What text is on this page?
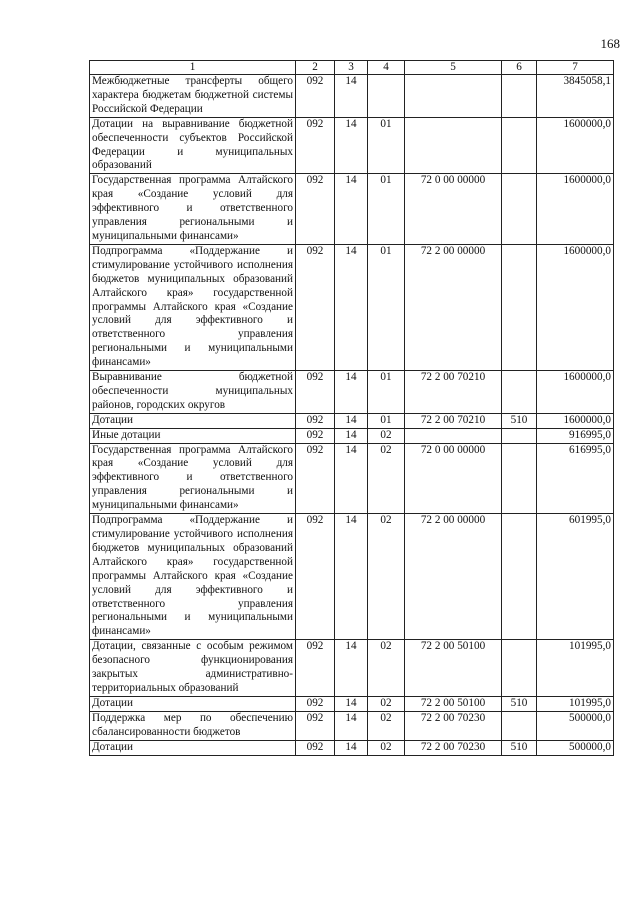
168
1	2	3	4	5	6	7
Межбюджетные трансферты общего характера бюджетам бюджетной системы Российской Федерации	092	14				3845058,1
Дотации на выравнивание бюджетной обеспеченности субъектов Российской Федерации и муниципальных образований	092	14	01			1600000,0
Государственная программа Алтайского края «Создание условий для эффективного и ответственного управления региональными и муниципальными финансами»	092	14	01	72 0 00 00000		1600000,0
Подпрограмма «Поддержание и стимулирование устойчивого исполнения бюджетов муниципальных образований Алтайского края» государственной программы Алтайского края «Создание условий для эффективного и ответственного управления региональными и муниципальными финансами»	092	14	01	72 2 00 00000		1600000,0
Выравнивание бюджетной обеспеченности муниципальных районов, городских округов	092	14	01	72 2 00 70210		1600000,0
Дотации	092	14	01	72 2 00 70210	510	1600000,0
Иные дотации	092	14	02			916995,0
Государственная программа Алтайского края «Создание условий для эффективного и ответственного управления региональными и муниципальными финансами»	092	14	02	72 0 00 00000		616995,0
Подпрограмма «Поддержание и стимулирование устойчивого исполнения бюджетов муниципальных образований Алтайского края» государственной программы Алтайского края «Создание условий для эффективного и ответственного управления региональными и муниципальными финансами»	092	14	02	72 2 00 00000		601995,0
Дотации, связанные с особым режимом безопасного функционирования закрытых административно-территориальных образований	092	14	02	72 2 00 50100		101995,0
Дотации	092	14	02	72 2 00 50100	510	101995,0
Поддержка мер по обеспечению сбалансированности бюджетов	092	14	02	72 2 00 70230		500000,0
Дотации	092	14	02	72 2 00 70230	510	500000,0
